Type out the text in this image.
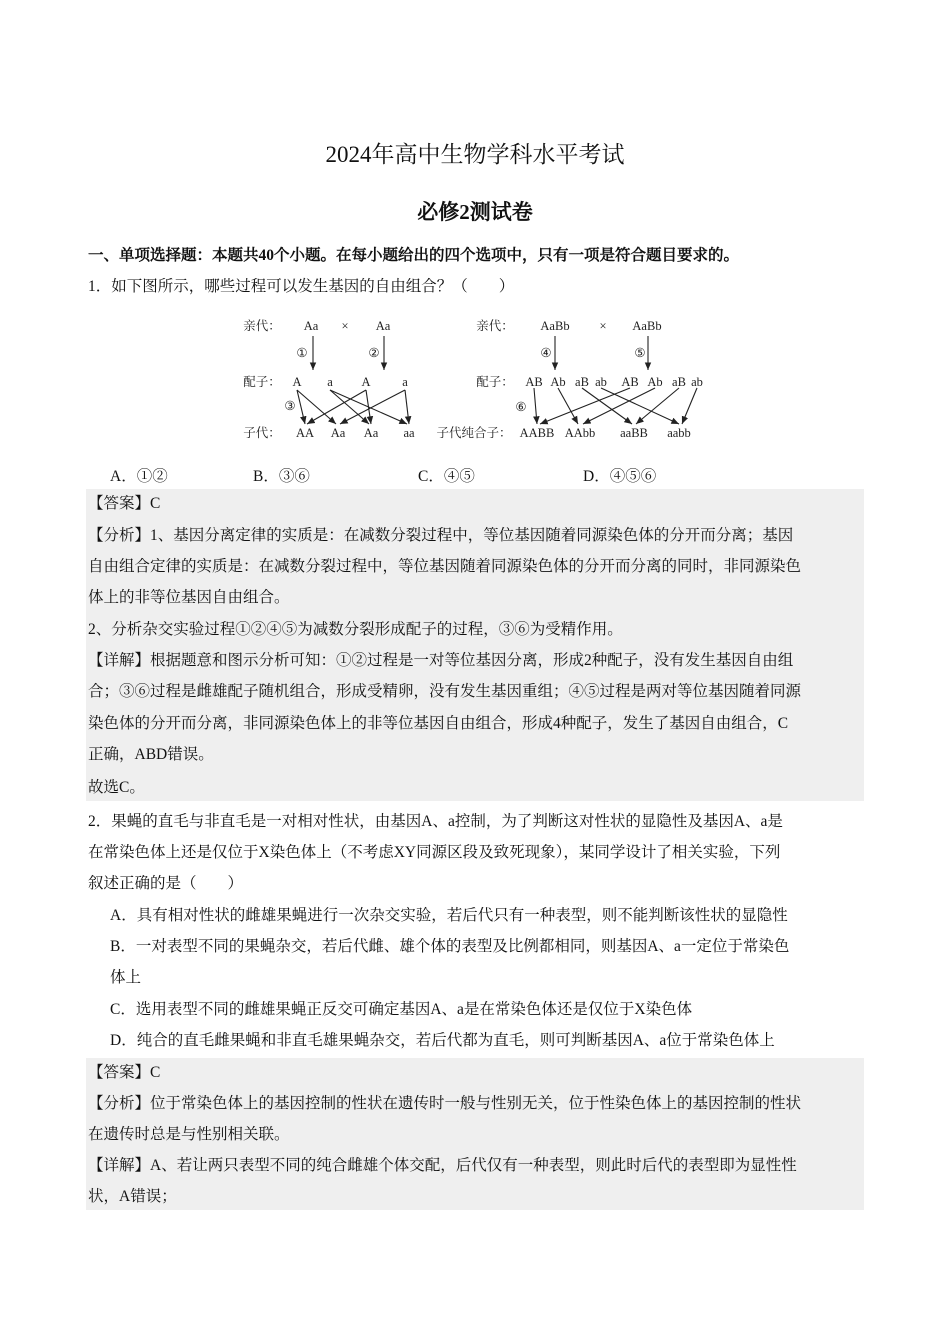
2024年高中生物学科水平考试
必修2测试卷
一、单项选择题：本题共40个小题。在每小题给出的四个选项中，只有一项是符合题目要求的。
1．如下图所示，哪些过程可以发生基因的自由组合？（　　）
亲代： Aa × Aa
①	②
配子： A a A	a
③
子代： AA Aa Aa aa
亲代： AaBb × AaBb
④	⑤
配子： AB Ab aB ab AB Ab aB ab
⑥
子代纯合子： AABB AAbb aaBB aabb
A．①②	B．③⑥	C．④⑤	D．④⑤⑥
【答案】C
【分析】1、基因分离定律的实质是：在减数分裂过程中，等位基因随着同源染色体的分开而分离；基因
自由组合定律的实质是：在减数分裂过程中，等位基因随着同源染色体的分开而分离的同时，非同源染色
体上的非等位基因自由组合。
2、分析杂交实验过程①②④⑤为减数分裂形成配子的过程，③⑥为受精作用。
【详解】根据题意和图示分析可知：①②过程是一对等位基因分离，形成2种配子，没有发生基因自由组
合；③⑥过程是雌雄配子随机组合，形成受精卵，没有发生基因重组；④⑤过程是两对等位基因随着同源
染色体的分开而分离，非同源染色体上的非等位基因自由组合，形成4种配子，发生了基因自由组合，C
正确，ABD错误。
故选C。
2．果蝇的直毛与非直毛是一对相对性状，由基因A、a控制，为了判断这对性状的显隐性及基因A、a是
在常染色体上还是仅位于X染色体上（不考虑XY同源区段及致死现象），某同学设计了相关实验，下列
叙述正确的是（　　）
A．具有相对性状的雌雄果蝇进行一次杂交实验，若后代只有一种表型，则不能判断该性状的显隐性
B．一对表型不同的果蝇杂交，若后代雌、雄个体的表型及比例都相同，则基因A、a一定位于常染色
体上
C．选用表型不同的雌雄果蝇正反交可确定基因A、a是在常染色体还是仅位于X染色体
D．纯合的直毛雌果蝇和非直毛雄果蝇杂交，若后代都为直毛，则可判断基因A、a位于常染色体上
【答案】C
【分析】位于常染色体上的基因控制的性状在遗传时一般与性别无关，位于性染色体上的基因控制的性状
在遗传时总是与性别相关联。
【详解】A、若让两只表型不同的纯合雌雄个体交配，后代仅有一种表型，则此时后代的表型即为显性性
状，A错误；
